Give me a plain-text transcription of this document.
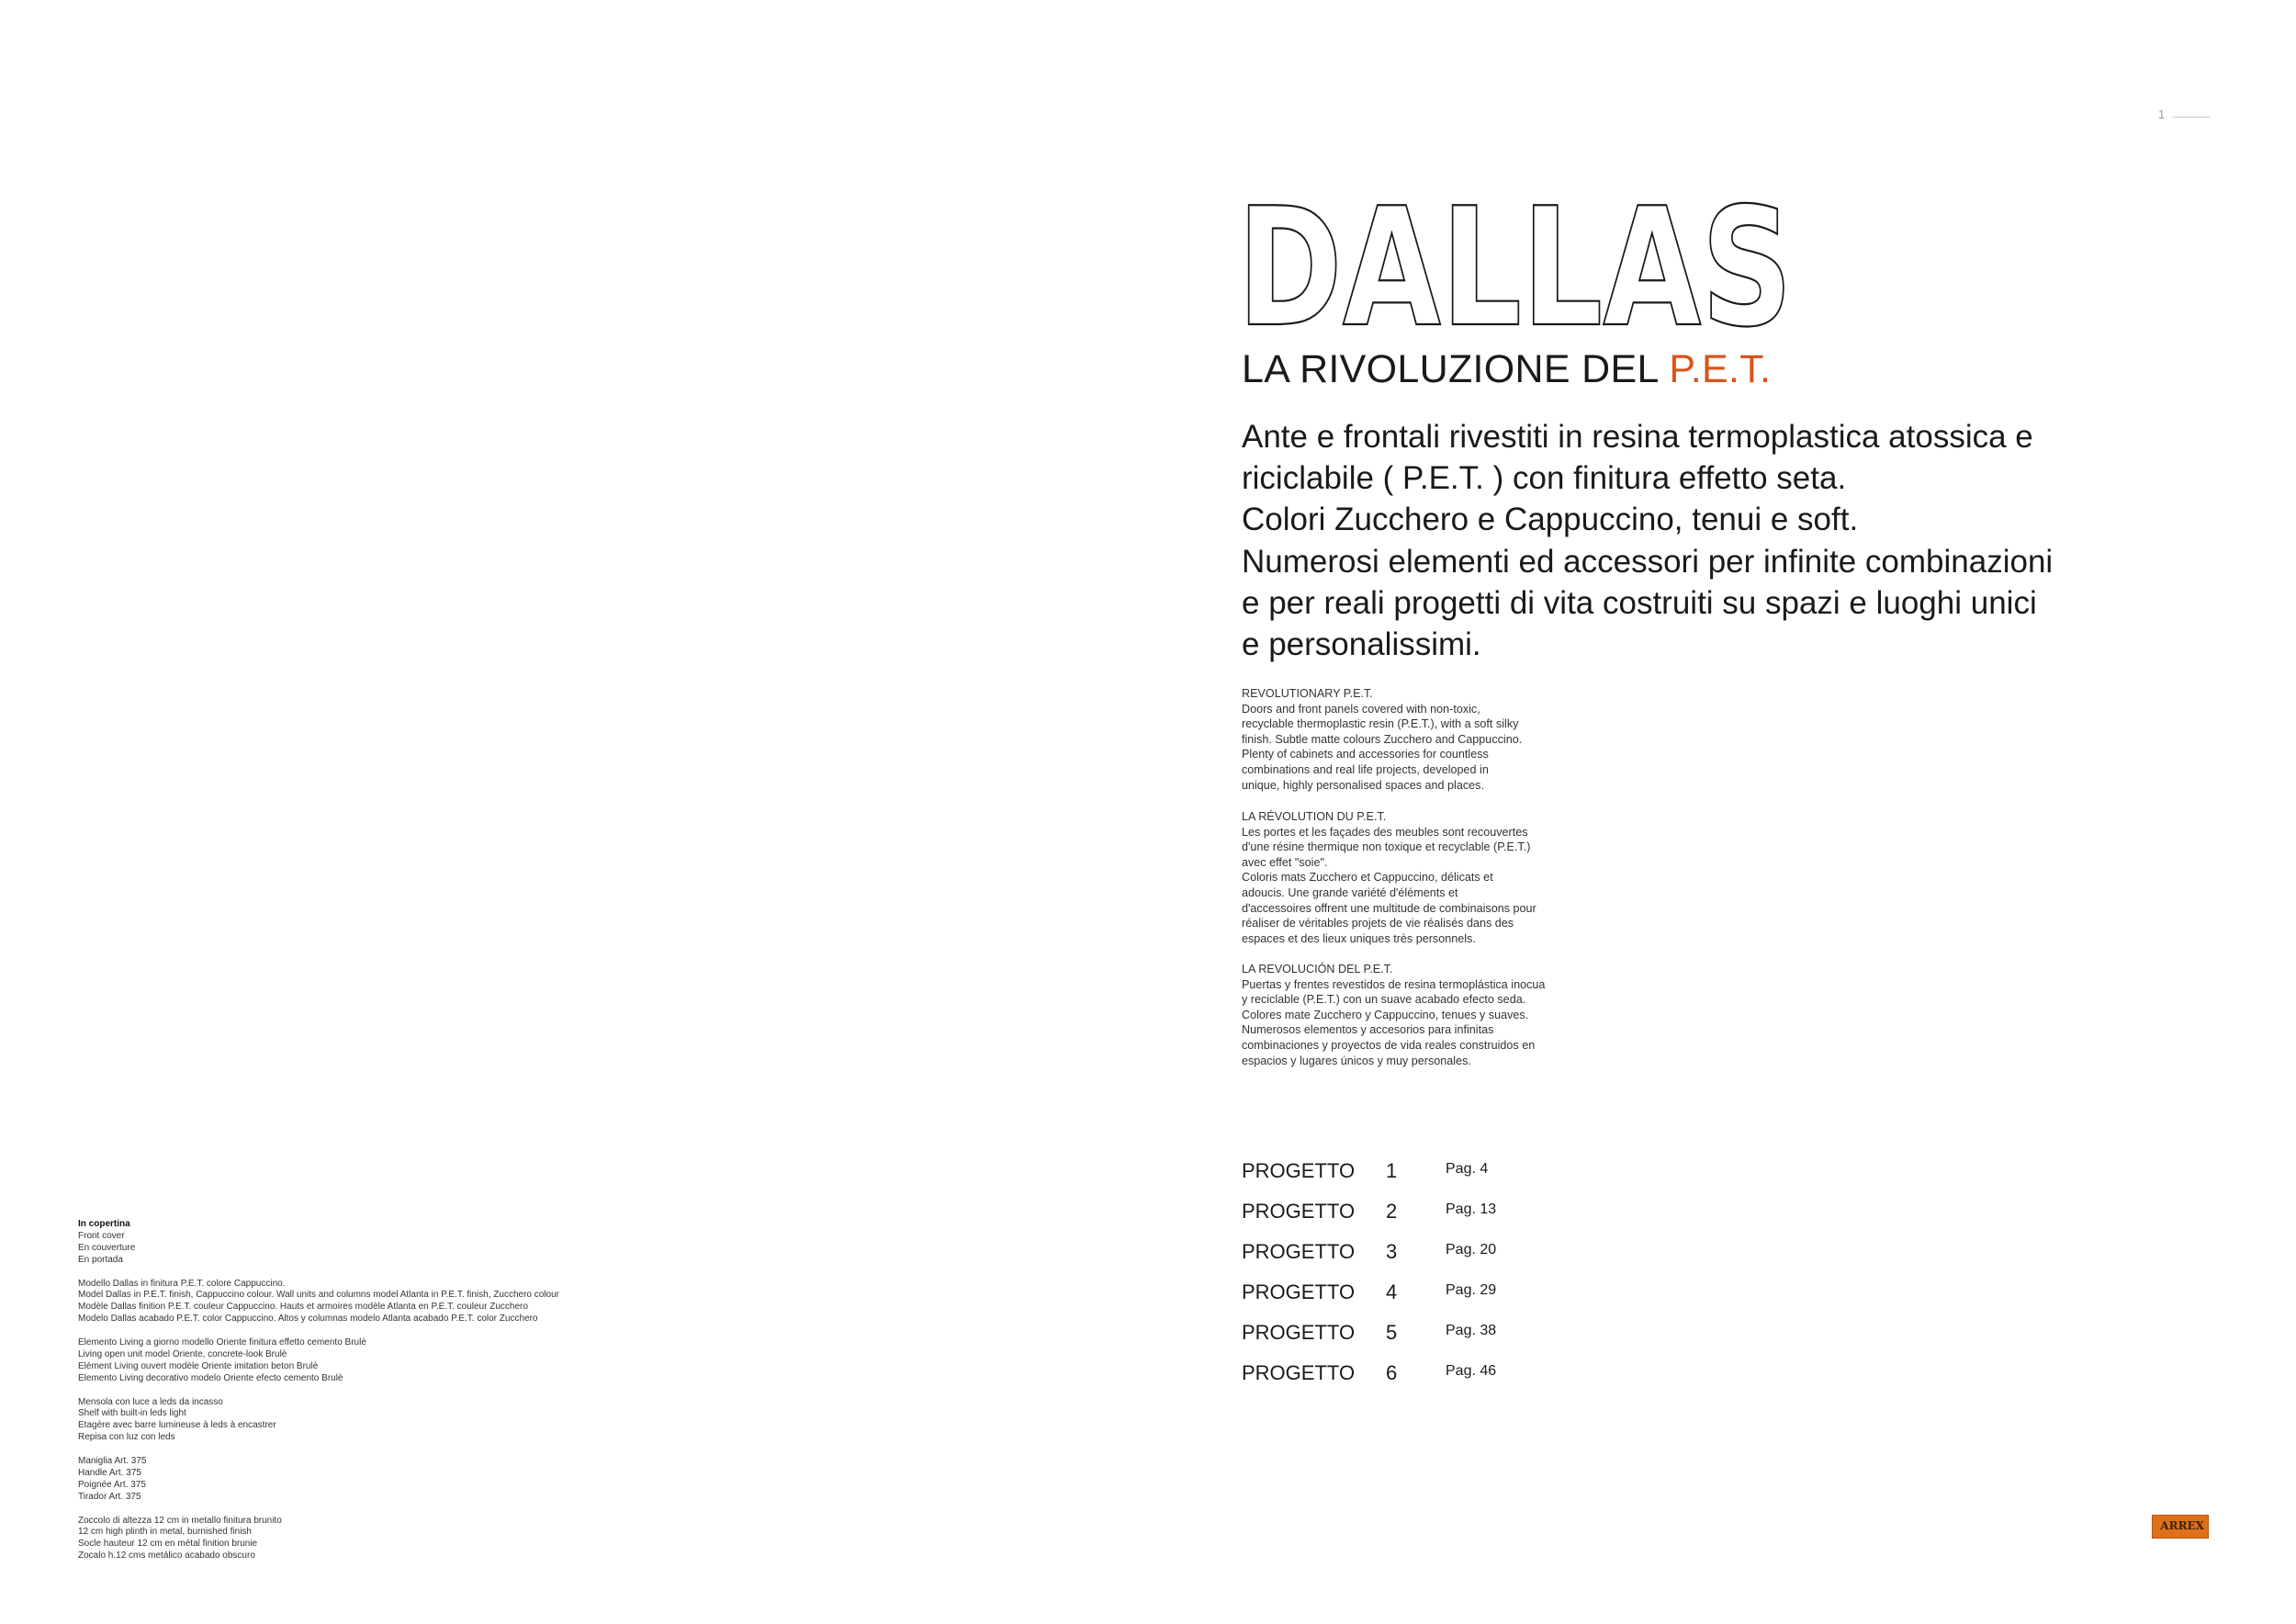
1
DALLAS
LA RIVOLUZIONE DEL P.E.T.
Ante e frontali rivestiti in resina termoplastica atossica e
riciclabile ( P.E.T. ) con finitura effetto seta.
Colori Zucchero e Cappuccino, tenui e soft.
Numerosi elementi ed accessori per infinite combinazioni
e per reali progetti di vita costruiti su spazi e luoghi unici
e personalissimi.
REVOLUTIONARY P.E.T.
Doors and front panels covered with non-toxic,
recyclable thermoplastic resin (P.E.T.), with a soft silky
finish. Subtle matte colours Zucchero and Cappuccino.
Plenty of cabinets and accessories for countless
combinations and real life projects, developed in
unique, highly personalised spaces and places.
LA RÉVOLUTION DU P.E.T.
Les portes et les façades des meubles sont recouvertes
d'une résine thermique non toxique et recyclable (P.E.T.)
avec effet "soie".
Coloris mats Zucchero et Cappuccino, délicats et
adoucis. Une grande variété d'éléments et
d'accessoires offrent une multitude de combinaisons pour
réaliser de véritables projets de vie réalisés dans des
espaces et des lieux uniques très personnels.
LA REVOLUCIÓN DEL P.E.T.
Puertas y frentes revestidos de resina termoplástica inocua
y reciclable (P.E.T.) con un suave acabado efecto seda.
Colores mate Zucchero y Cappuccino, tenues y suaves.
Numerosos elementos y accesorios para infinitas
combinaciones y proyectos de vida reales construidos en
espacios y lugares únicos y muy personales.
PROGETTO 1	Pag. 4
PROGETTO 2	Pag. 13
PROGETTO 3	Pag. 20
PROGETTO 4	Pag. 29
PROGETTO 5	Pag. 38
PROGETTO 6	Pag. 46
In copertina
Front cover
En couverture
En portada
Modello Dallas in finitura P.E.T. colore Cappuccino.
Model Dallas in P.E.T. finish, Cappuccino colour. Wall units and columns model Atlanta in P.E.T. finish, Zucchero colour
Modèle Dallas finition P.E.T. couleur Cappuccino. Hauts et armoires modèle Atlanta en P.E.T. couleur Zucchero
Modelo Dallas acabado P.E.T. color Cappuccino. Altos y columnas modelo Atlanta acabado P.E.T. color Zucchero
Elemento Living a giorno modello Oriente finitura effetto cemento Brulè
Living open unit model Oriente, concrete-look Brulè
Elément Living ouvert modèle Oriente imitation beton Brulè
Elemento Living decorativo modelo Oriente efecto cemento Brulè
Mensola con luce a leds da incasso
Shelf with built-in leds light
Etagère avec barre lumineuse à leds à encastrer
Repisa con luz con leds
Maniglia Art. 375
Handle Art. 375
Poignée Art. 375
Tirador Art. 375
Zoccolo di altezza 12 cm in metallo finitura brunito
12 cm high plinth in metal, burnished finish
Socle hauteur 12 cm en métal finition brunie
Zocalo h.12 cms metálico acabado obscuro
ARREX
